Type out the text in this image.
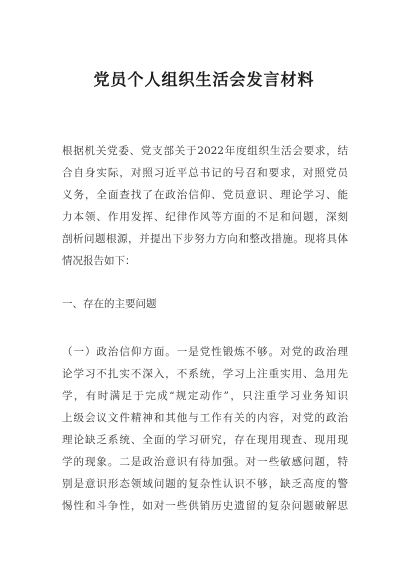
党员个人组织生活会发言材料
根据机关党委、党支部关于2022年度组织生活会要求，结
合自身实际，对照习近平总书记的号召和要求，对照党员
义务，全面查找了在政治信仰、党员意识、理论学习、能
力本领、作用发挥、纪律作风等方面的不足和问题，深刻
剖析问题根源，并提出下步努力方向和整改措施。现将具体
情况报告如下：
一、存在的主要问题
（一）政治信仰方面。一是党性锻炼不够。对党的政治理
论学习不扎实不深入，不系统，学习上注重实用、急用先
学，有时满足于完成“规定动作”，只注重学习业务知识
上级会议文件精神和其他与工作有关的内容，对党的政治
理论缺乏系统、全面的学习研究，存在现用现查、现用现
学的现象。二是政治意识有待加强。对一些敏感问题，特
别是意识形态领域问题的复杂性认识不够，缺乏高度的警
惕性和斗争性，如对一些供销历史遗留的复杂问题破解思
